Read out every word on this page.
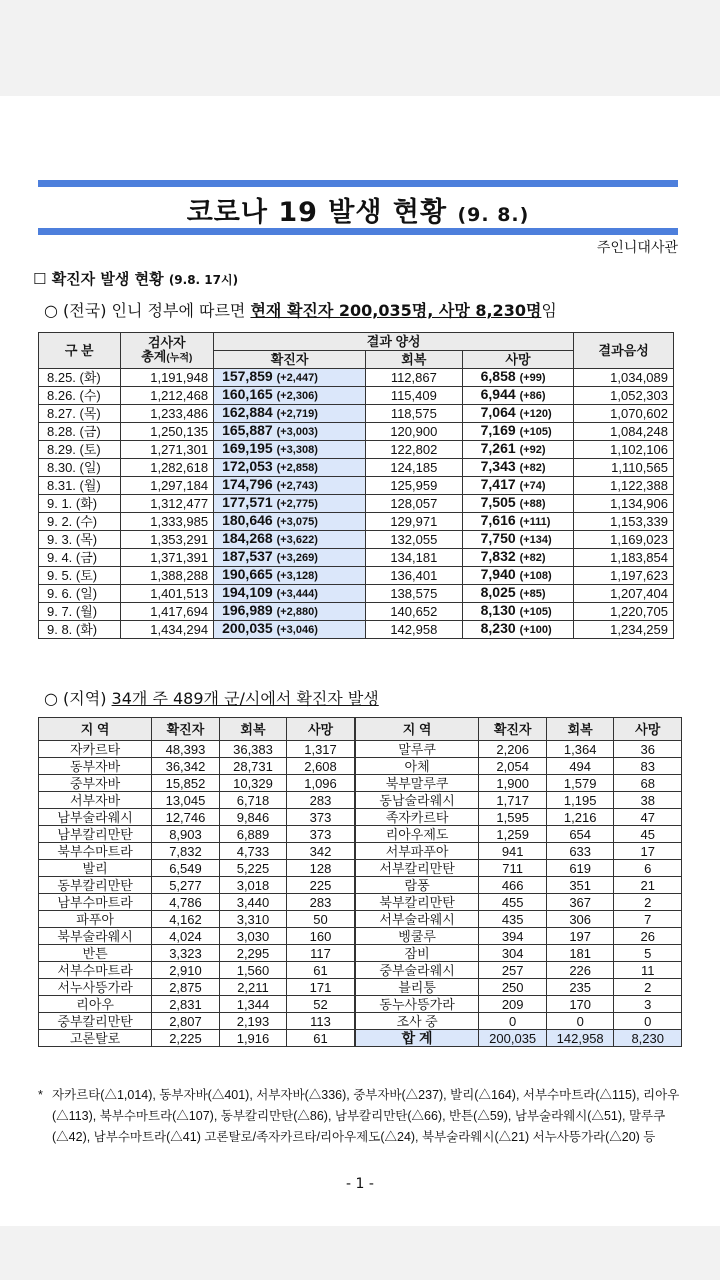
코로나 19 발생 현황 (9. 8.)
주인니대사관
☐ 확진자 발생 현황 (9.8. 17시)
○ (전국) 인니 정부에 따르면 현재 확진자 200,035명, 사망 8,230명임
구 분	검사자
총계(누적)	결과 양성			결과음성
		확진자	회복	사망	
8.25. (화)	1,191,948	157,859 (+2,447)	112,867	6,858 (+99)	1,034,089
8.26. (수)	1,212,468	160,165 (+2,306)	115,409	6,944 (+86)	1,052,303
8.27. (목)	1,233,486	162,884 (+2,719)	118,575	7,064 (+120)	1,070,602
8.28. (금)	1,250,135	165,887 (+3,003)	120,900	7,169 (+105)	1,084,248
8.29. (토)	1,271,301	169,195 (+3,308)	122,802	7,261 (+92)	1,102,106
8.30. (일)	1,282,618	172,053 (+2,858)	124,185	7,343 (+82)	1,110,565
8.31. (월)	1,297,184	174,796 (+2,743)	125,959	7,417 (+74)	1,122,388
9. 1. (화)	1,312,477	177,571 (+2,775)	128,057	7,505 (+88)	1,134,906
9. 2. (수)	1,333,985	180,646 (+3,075)	129,971	7,616 (+111)	1,153,339
9. 3. (목)	1,353,291	184,268 (+3,622)	132,055	7,750 (+134)	1,169,023
9. 4. (금)	1,371,391	187,537 (+3,269)	134,181	7,832 (+82)	1,183,854
9. 5. (토)	1,388,288	190,665 (+3,128)	136,401	7,940 (+108)	1,197,623
9. 6. (일)	1,401,513	194,109 (+3,444)	138,575	8,025 (+85)	1,207,404
9. 7. (월)	1,417,694	196,989 (+2,880)	140,652	8,130 (+105)	1,220,705
9. 8. (화)	1,434,294	200,035 (+3,046)	142,958	8,230 (+100)	1,234,259
○ (지역) 34개 주 489개 군/시에서 확진자 발생
지 역	확진자	회복	사망	지 역	확진자	회복	사망
자카르타	48,393	36,383	1,317	말루쿠	2,206	1,364	36
동부자바	36,342	28,731	2,608	아체	2,054	494	83
중부자바	15,852	10,329	1,096	북부말루쿠	1,900	1,579	68
서부자바	13,045	6,718	283	동남술라웨시	1,717	1,195	38
남부술라웨시	12,746	9,846	373	족자카르타	1,595	1,216	47
남부칼리만탄	8,903	6,889	373	리아우제도	1,259	654	45
북부수마트라	7,832	4,733	342	서부파푸아	941	633	17
발리	6,549	5,225	128	서부칼리만탄	711	619	6
동부칼리만탄	5,277	3,018	225	람풍	466	351	21
남부수마트라	4,786	3,440	283	북부칼리만탄	455	367	2
파푸아	4,162	3,310	50	서부술라웨시	435	306	7
북부술라웨시	4,024	3,030	160	벵쿨루	394	197	26
반튼	3,323	2,295	117	잠비	304	181	5
서부수마트라	2,910	1,560	61	중부술라웨시	257	226	11
서누사뜽가라	2,875	2,211	171	블리퉁	250	235	2
리아우	2,831	1,344	52	동누사뜽가라	209	170	3
중부칼리만탄	2,807	2,193	113	조사 중	0	0	0
고론탈로	2,225	1,916	61	합 계	200,035	142,958	8,230
* 자카르타(△1,014), 동부자바(△401), 서부자바(△336), 중부자바(△237), 발리(△164), 서부수마트라(△115), 리아우
(△113), 북부수마트라(△107), 동부칼리만탄(△86), 남부칼리만탄(△66), 반튼(△59), 남부술라웨시(△51), 말루쿠
(△42), 남부수마트라(△41) 고론탈로/족자카르타/리아우제도(△24), 북부술라웨시(△21) 서누사뜽가라(△20) 등
- 1 -
